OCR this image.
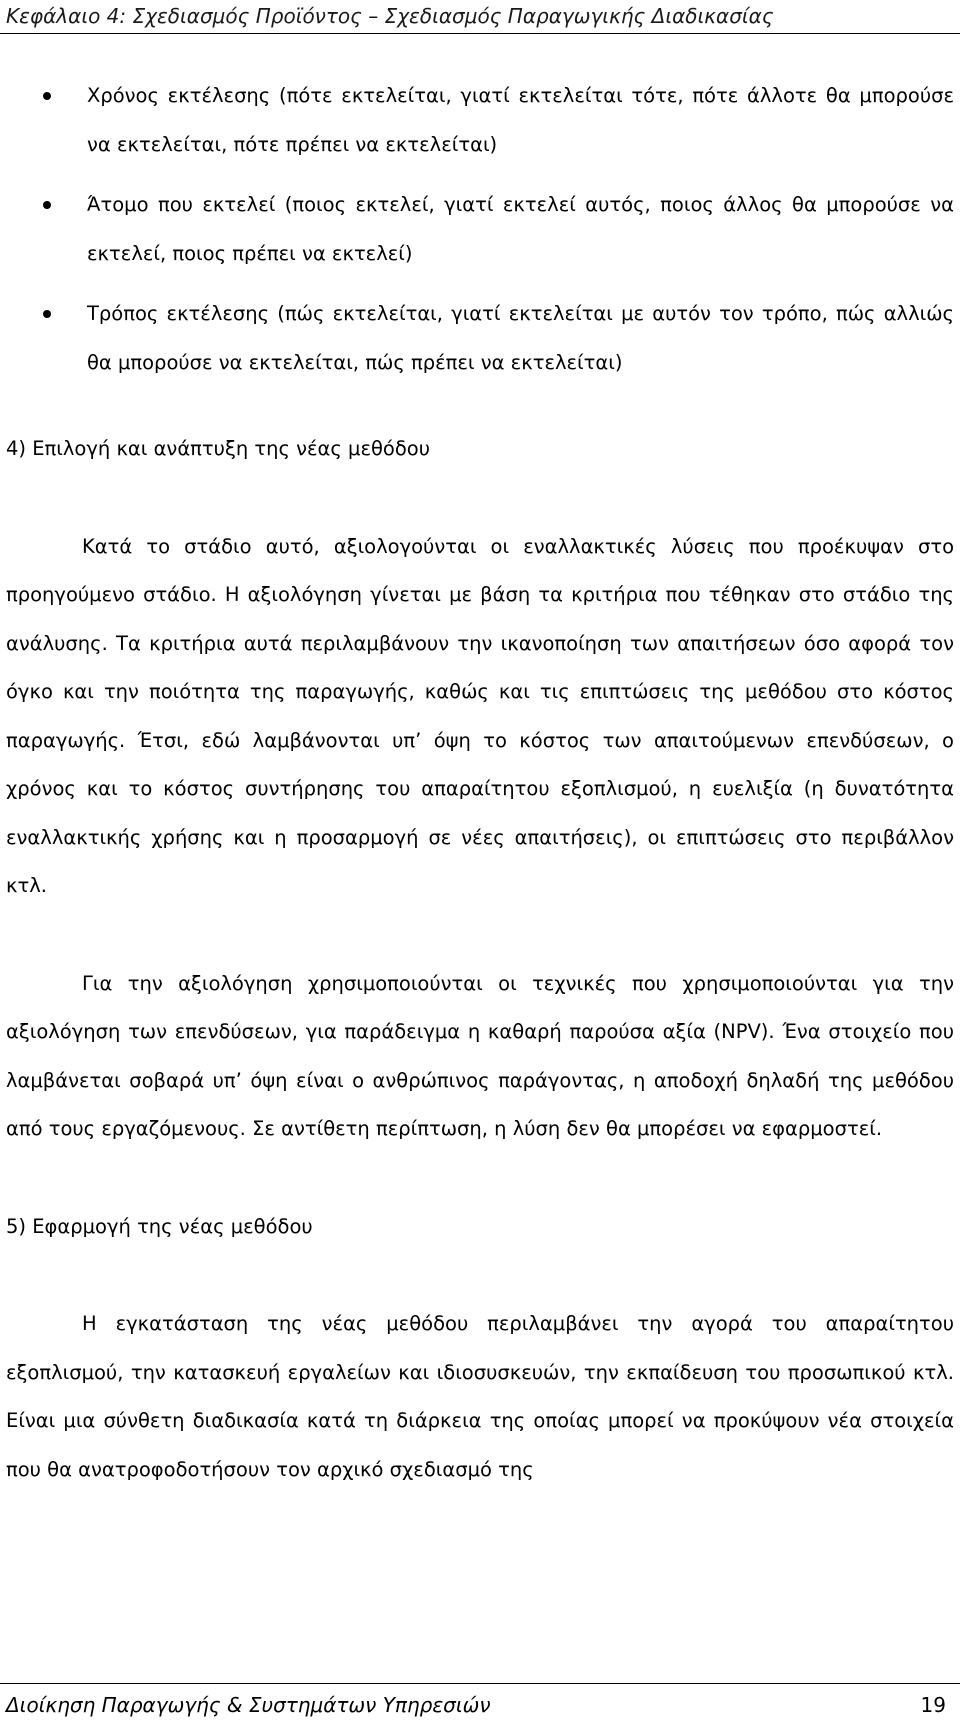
Κεφάλαιο 4: Σχεδιασμός Προϊόντος – Σχεδιασμός Παραγωγικής Διαδικασίας
Χρόνος εκτέλεσης (πότε εκτελείται, γιατί εκτελείται τότε, πότε άλλοτε θα μπορούσε να εκτελείται, πότε πρέπει να εκτελείται)
Άτομο που εκτελεί (ποιος εκτελεί, γιατί εκτελεί αυτός, ποιος άλλος θα μπορούσε να εκτελεί, ποιος πρέπει να εκτελεί)
Τρόπος εκτέλεσης (πώς εκτελείται, γιατί εκτελείται με αυτόν τον τρόπο, πώς αλλιώς θα μπορούσε να εκτελείται, πώς πρέπει να εκτελείται)

4) Επιλογή και ανάπτυξη της νέας μεθόδου

Κατά το στάδιο αυτό, αξιολογούνται οι εναλλακτικές λύσεις που προέκυψαν στο προηγούμενο στάδιο. Η αξιολόγηση γίνεται με βάση τα κριτήρια που τέθηκαν στο στάδιο της ανάλυσης. Τα κριτήρια αυτά περιλαμβάνουν την ικανοποίηση των απαιτήσεων όσο αφορά τον όγκο και την ποιότητα της παραγωγής, καθώς και τις επιπτώσεις της μεθόδου στο κόστος παραγωγής. Έτσι, εδώ λαμβάνονται υπ’ όψη το κόστος των απαιτούμενων επενδύσεων, ο χρόνος και το κόστος συντήρησης του απαραίτητου εξοπλισμού, η ευελιξία (η δυνατότητα εναλλακτικής χρήσης και η προσαρμογή σε νέες απαιτήσεις), οι επιπτώσεις στο περιβάλλον κτλ.

Για την αξιολόγηση χρησιμοποιούνται οι τεχνικές που χρησιμοποιούνται για την αξιολόγηση των επενδύσεων, για παράδειγμα η καθαρή παρούσα αξία (NPV). Ένα στοιχείο που λαμβάνεται σοβαρά υπ’ όψη είναι ο ανθρώπινος παράγοντας, η αποδοχή δηλαδή της μεθόδου από τους εργαζόμενους. Σε αντίθετη περίπτωση, η λύση δεν θα μπορέσει να εφαρμοστεί.

5) Εφαρμογή της νέας μεθόδου

Η εγκατάσταση της νέας μεθόδου περιλαμβάνει την αγορά του απαραίτητου εξοπλισμού, την κατασκευή εργαλείων και ιδιοσυσκευών, την εκπαίδευση του προσωπικού κτλ. Είναι μια σύνθετη διαδικασία κατά τη διάρκεια της οποίας μπορεί να προκύψουν νέα στοιχεία που θα ανατροφοδοτήσουν τον αρχικό σχεδιασμό της

Διοίκηση Παραγωγής & Συστημάτων Υπηρεσιών	19
